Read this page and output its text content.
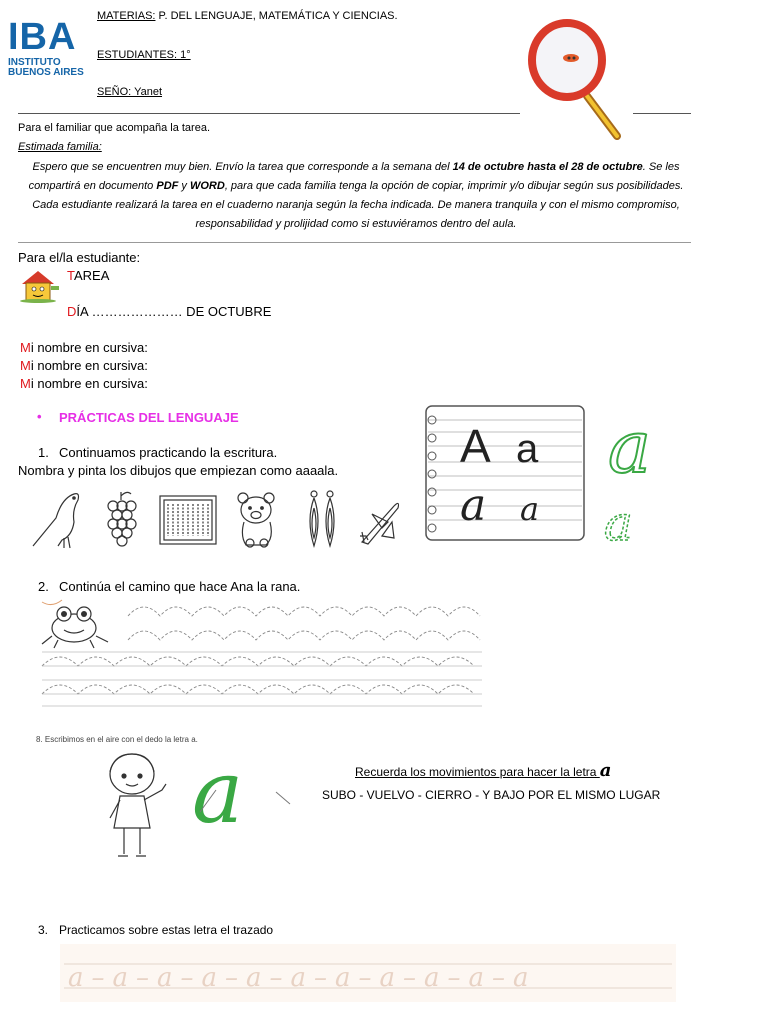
IBA
INSTITUTO BUENOS AIRES
MATERIAS: P. DEL LENGUAJE, MATEMÁTICA Y CIENCIAS.
ESTUDIANTES: 1°
SEÑO: Yanet
Para el familiar que acompaña la tarea.
Estimada familia:
Espero que se encuentren muy bien. Envío la tarea que corresponde a la semana del 14 de octubre hasta el 28 de octubre. Se les compartirá en documento PDF y WORD, para que cada familia tenga la opción de copiar, imprimir y/o dibujar según sus posibilidades. Cada estudiante realizará la tarea en el cuaderno naranja según la fecha indicada. De manera tranquila y con el mismo compromiso, responsabilidad y prolijidad como si estuviéramos dentro del aula.
Para el/la estudiante:
TAREA
DÍA ………………… DE OCTUBRE
Mi nombre en cursiva:
Mi nombre en cursiva:
Mi nombre en cursiva:
• PRÁCTICAS DEL LENGUAJE
1. Continuamos practicando la escritura.
Nombra y pinta los dibujos que empiezan como aaaala.	A a
a a
a
a
2. Continúa el camino que hace Ana la rana.
8. Escribimos en el aire con el dedo la letra a.
a	Recuerda los movimientos para hacer la letra a
SUBO - VUELVO - CIERRO - Y BAJO POR EL MISMO LUGAR
3. Practicamos sobre estas letra el trazado
a–a–a–a–a–a–a–a–a–a–a
